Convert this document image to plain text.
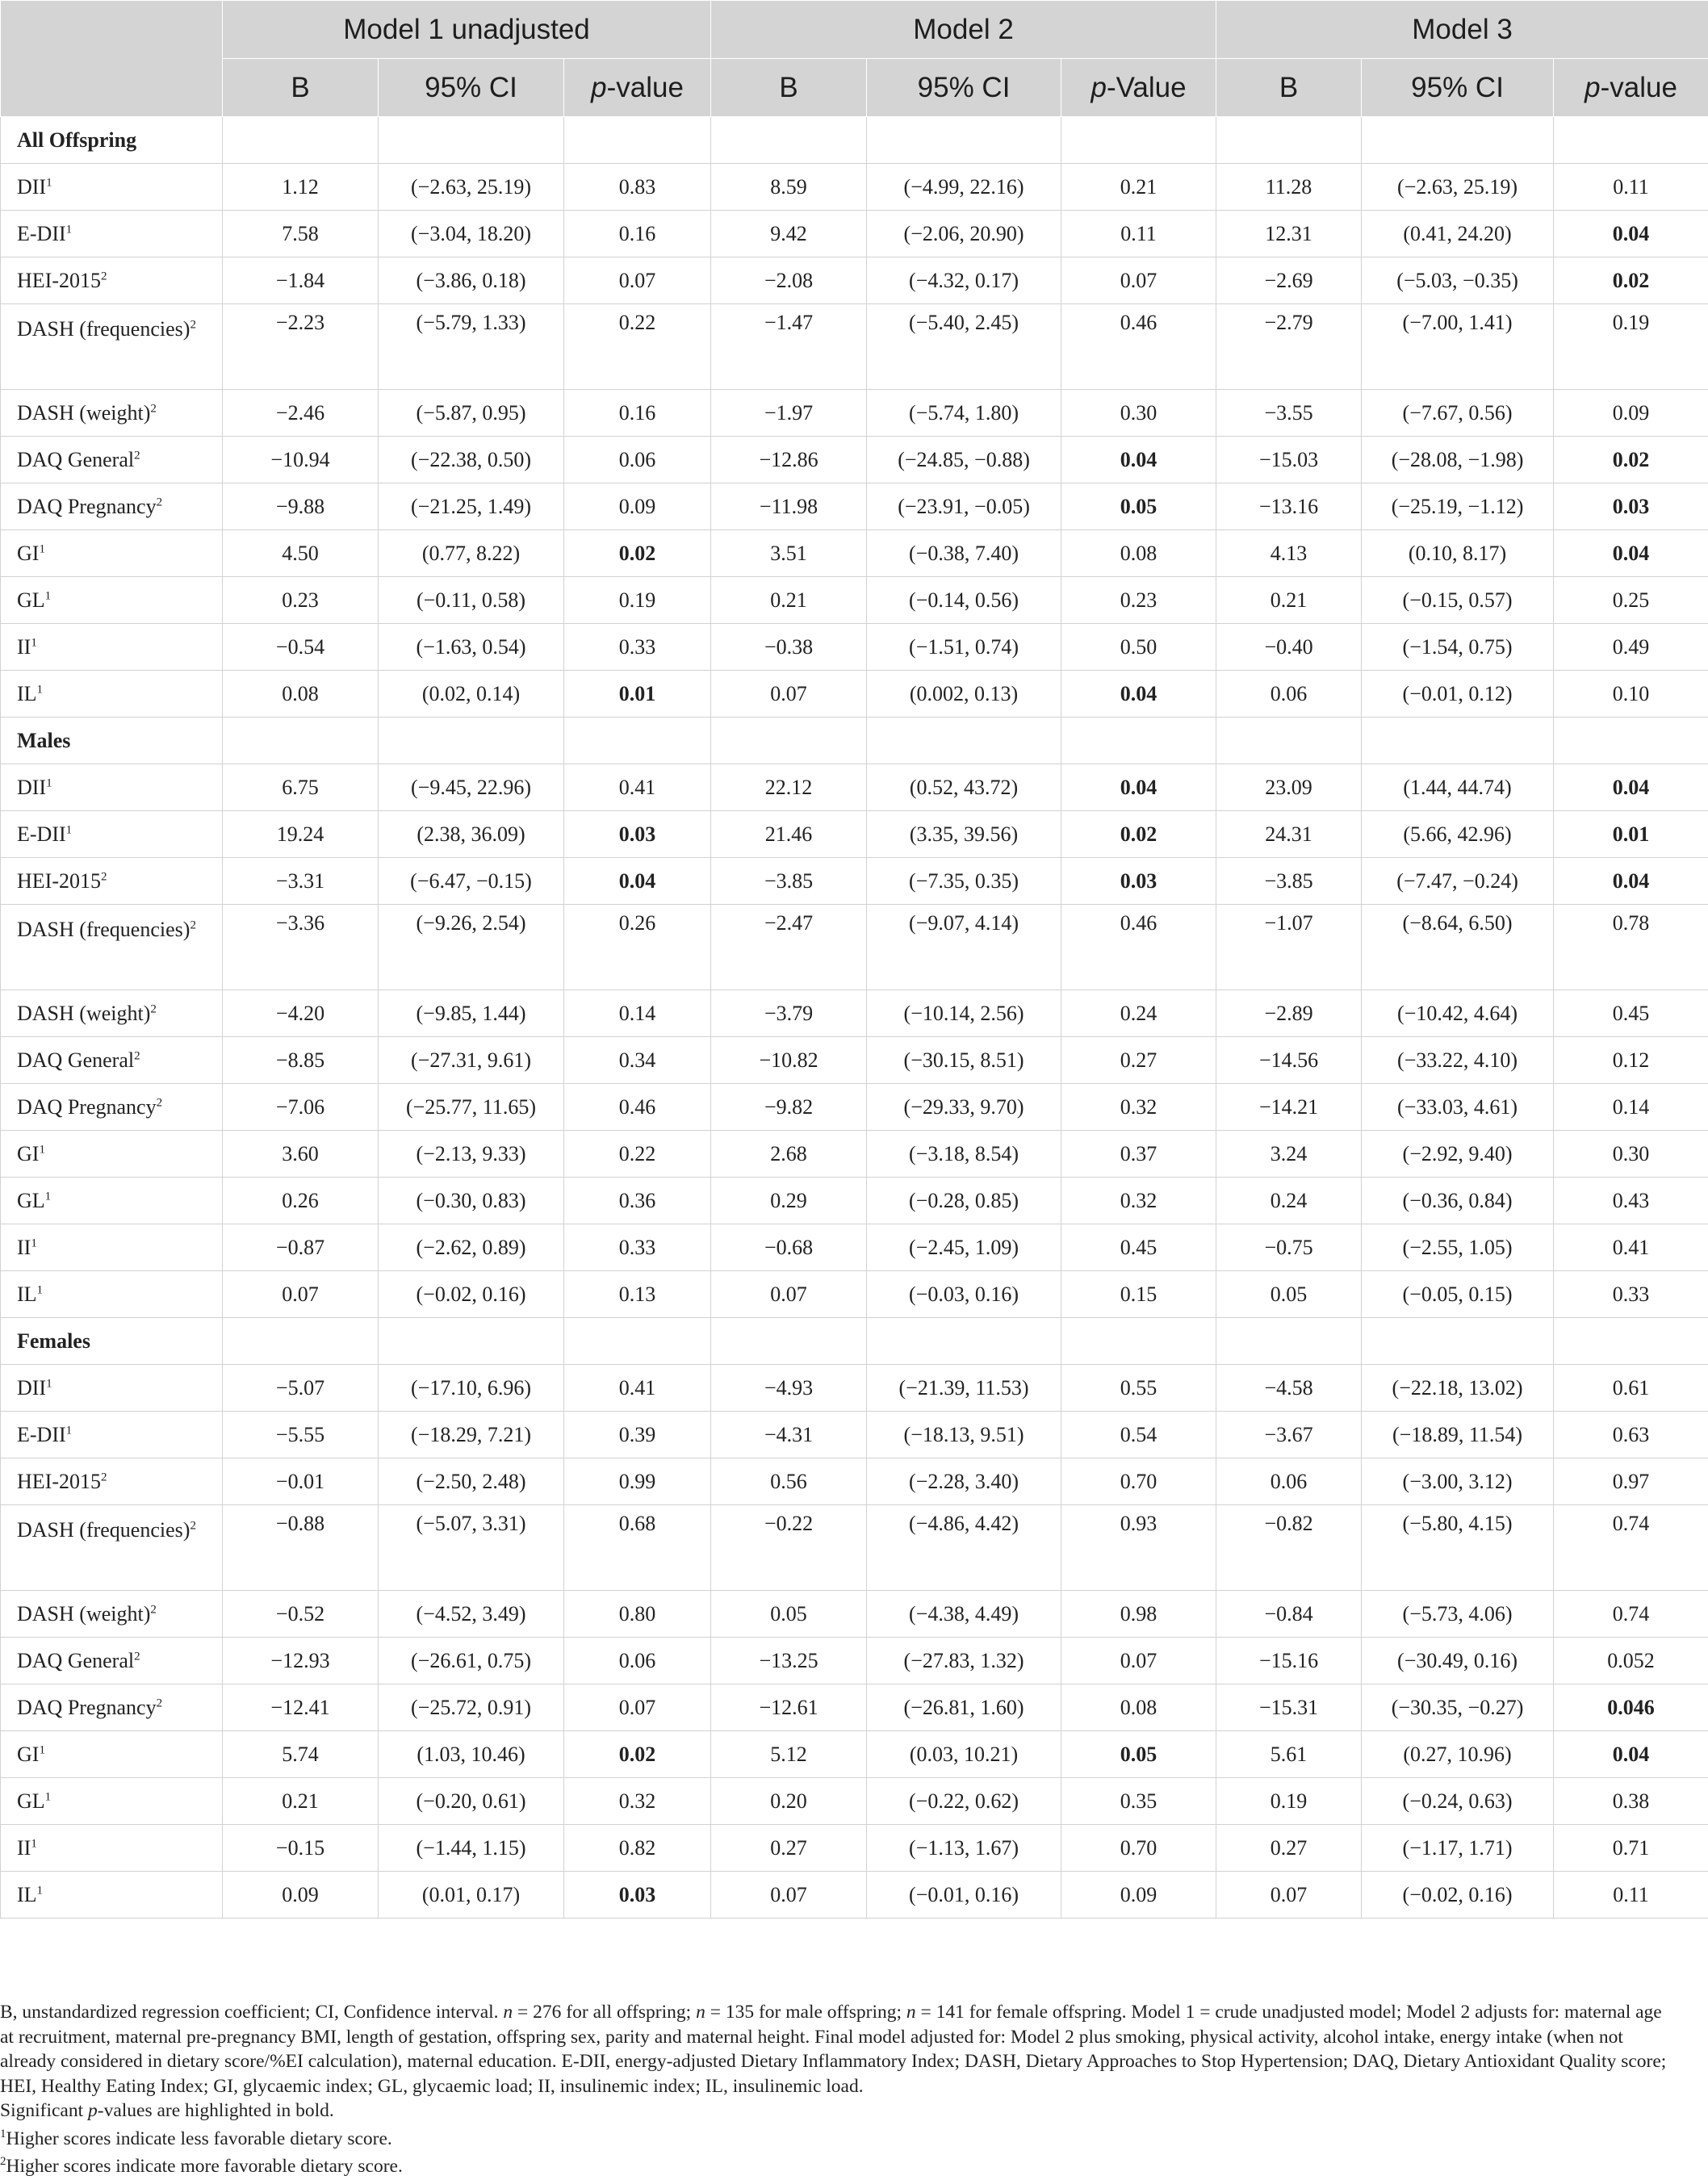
	Model 1 unadjusted			Model 2			Model 3		
	B	95% CI	p-value	B	95% CI	p-Value	B	95% CI	p-value
All Offspring									
DII$^1$	1.12	(−2.63, 25.19)	0.83	8.59	(−4.99, 22.16)	0.21	11.28	(−2.63, 25.19)	0.11
E-DII$^1$	7.58	(−3.04, 18.20)	0.16	9.42	(−2.06, 20.90)	0.11	12.31	(0.41, 24.20)	0.04
HEI-$2015^2$	−1.84	(−3.86, 0.18)	0.07	−2.08	(−4.32, 0.17)	0.07	−2.69	(−5.03, −0.35)	0.02
DASH (frequencies)$^2$	−2.23	(−5.79, 1.33)	0.22	−1.47	(−5.40, 2.45)	0.46	−2.79	(−7.00, 1.41)	0.19
DASH (weight)$^2$	−2.46	(−5.87, 0.95)	0.16	−1.97	(−5.74, 1.80)	0.30	−3.55	(−7.67, 0.56)	0.09
DAQ General$^2$	−10.94	(−22.38, 0.50)	0.06	−12.86	(−24.85, −0.88)	0.04	−15.03	(−28.08, −1.98)	0.02
DAQ Pregnancy$^2$	−9.88	(−21.25, 1.49)	0.09	−11.98	(−23.91, −0.05)	0.05	−13.16	(−25.19, −1.12)	0.03
$GI^1$	4.50	(0.77, 8.22)	0.02	3.51	(−0.38, 7.40)	0.08	4.13	(0.10, 8.17)	0.04
$GL^1$	0.23	(−0.11, 0.58)	0.19	0.21	(−0.14, 0.56)	0.23	0.21	(−0.15, 0.57)	0.25
$II^1$	−0.54	(−1.63, 0.54)	0.33	−0.38	(−1.51, 0.74)	0.50	−0.40	(−1.54, 0.75)	0.49
$IL^1$	0.08	(0.02, 0.14)	0.01	0.07	(0.002, 0.13)	0.04	0.06	(−0.01, 0.12)	0.10
Males									
DII$^1$	6.75	(−9.45, 22.96)	0.41	22.12	(0.52, 43.72)	0.04	23.09	(1.44, 44.74)	0.04
E-DII$^1$	19.24	(2.38, 36.09)	0.03	21.46	(3.35, 39.56)	0.02	24.31	(5.66, 42.96)	0.01
HEI-$2015^2$	−3.31	(−6.47, −0.15)	0.04	−3.85	(−7.35, 0.35)	0.03	−3.85	(−7.47, −0.24)	0.04
DASH (frequencies)$^2$	−3.36	(−9.26, 2.54)	0.26	−2.47	(−9.07, 4.14)	0.46	−1.07	(−8.64, 6.50)	0.78
DASH (weight)$^2$	−4.20	(−9.85, 1.44)	0.14	−3.79	(−10.14, 2.56)	0.24	−2.89	(−10.42, 4.64)	0.45
DAQ General$^2$	−8.85	(−27.31, 9.61)	0.34	−10.82	(−30.15, 8.51)	0.27	−14.56	(−33.22, 4.10)	0.12
DAQ Pregnancy$^2$	−7.06	(−25.77, 11.65)	0.46	−9.82	(−29.33, 9.70)	0.32	−14.21	(−33.03, 4.61)	0.14
$GI^1$	3.60	(−2.13, 9.33)	0.22	2.68	(−3.18, 8.54)	0.37	3.24	(−2.92, 9.40)	0.30
$GL^1$	0.26	(−0.30, 0.83)	0.36	0.29	(−0.28, 0.85)	0.32	0.24	(−0.36, 0.84)	0.43
$II^1$	−0.87	(−2.62, 0.89)	0.33	−0.68	(−2.45, 1.09)	0.45	−0.75	(−2.55, 1.05)	0.41
$IL^1$	0.07	(−0.02, 0.16)	0.13	0.07	(−0.03, 0.16)	0.15	0.05	(−0.05, 0.15)	0.33
Females									
$DII^1$	−5.07	(−17.10, 6.96)	0.41	−4.93	(−21.39, 11.53)	0.55	−4.58	(−22.18, 13.02)	0.61
$E-DII^1$	−5.55	(−18.29, 7.21)	0.39	−4.31	(−18.13, 9.51)	0.54	−3.67	(−18.89, 11.54)	0.63
HEI-$2015^2$	−0.01	(−2.50, 2.48)	0.99	0.56	(−2.28, 3.40)	0.70	0.06	(−3.00, 3.12)	0.97
DASH (frequencies)$^2$	−0.88	(−5.07, 3.31)	0.68	−0.22	(−4.86, 4.42)	0.93	−0.82	(−5.80, 4.15)	0.74
DASH (weight)$^2$	−0.52	(−4.52, 3.49)	0.80	0.05	(−4.38, 4.49)	0.98	−0.84	(−5.73, 4.06)	0.74
DAQ General$^2$	−12.93	(−26.61, 0.75)	0.06	−13.25	(−27.83, 1.32)	0.07	−15.16	(−30.49, 0.16)	0.052
DAQ Pregnancy$^2$	−12.41	(−25.72, 0.91)	0.07	−12.61	(−26.81, 1.60)	0.08	−15.31	(−30.35, −0.27)	0.046
$GI^1$	5.74	(1.03, 10.46)	0.02	5.12	(0.03, 10.21)	0.05	5.61	(0.27, 10.96)	0.04
$GL^1$	0.21	(−0.20, 0.61)	0.32	0.20	(−0.22, 0.62)	0.35	0.19	(−0.24, 0.63)	0.38
$II^1$	−0.15	(−1.44, 1.15)	0.82	0.27	(−1.13, 1.67)	0.70	0.27	(−1.17, 1.71)	0.71
$IL^1$	0.09	(0.01, 0.17)	0.03	0.07	(−0.01, 0.16)	0.09	0.07	(−0.02, 0.16)	0.11

B, unstandardized regression coefficient; CI, Confidence interval. n = 276 for all offspring; n = 135 for male offspring; n = 141 for female offspring. Model 1 = crude unadjusted model; Model 2 adjusts for: maternal age at recruitment, maternal pre-pregnancy BMI, length of gestation, offspring sex, parity and maternal height. Final model adjusted for: Model 2 plus smoking, physical activity, alcohol intake, energy intake (when not already considered in dietary score/%EI calculation), maternal education. E-DII, energy-adjusted Dietary Inflammatory Index; DASH, Dietary Approaches to Stop Hypertension; DAQ, Dietary Antioxidant Quality score; HEI, Healthy Eating Index; GI, glycaemic index; GL, glycaemic load; II, insulinemic index; IL, insulinemic load.

Significant p-values are highlighted in bold.

$^1$Higher scores indicate less favorable dietary score.

$^2$Higher scores indicate more favorable dietary score.
